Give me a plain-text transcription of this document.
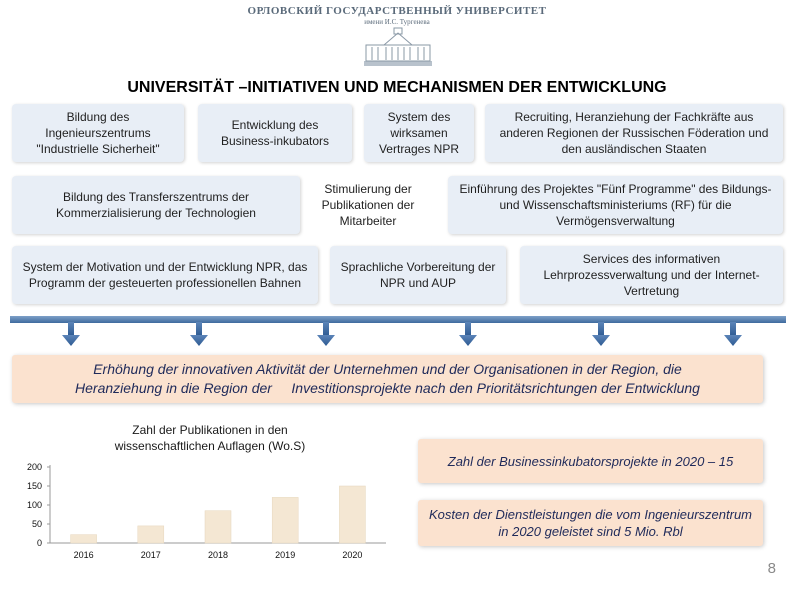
ОРЛОВСКИЙ ГОСУДАРСТВЕННЫЙ УНИВЕРСИТЕТ
имени И.С. Тургенева
UNIVERSITÄT –INITIATIVEN UND MECHANISMEN DER ENTWICKLUNG
Bildung des Ingenieurszentrums "Industrielle Sicherheit"
Entwicklung des Business-inkubators
System des wirksamen Vertrages NPR
Recruiting, Heranziehung der Fachkräfte aus anderen Regionen der Russischen Föderation und den ausländischen Staaten
Bildung des Transferszentrums der Kommerzialisierung der Technologien
Stimulierung der Publikationen der Mitarbeiter
Einführung des Projektes "Fünf Programme" des Bildungs- und Wissenschaftsministeriums (RF) für die Vermögensverwaltung
System der Motivation und der Entwicklung NPR, das Programm der gesteuerten professionellen Bahnen
Sprachliche Vorbereitung der NPR und AUP
Services des informativen Lehrprozessverwaltung und der Internet-Vertretung
Erhöhung der innovativen Aktivität der Unternehmen und der Organisationen in der Region, die
Heranziehung in die Region der     Investitionsprojekte nach den Prioritätsrichtungen der Entwicklung
Zahl der Publikationen in den wissenschaftlichen Auflagen (Wo.S)
0
50
100
150
200
2016	2017	2018	2019	2020
Zahl der Businessinkubatorsprojekte in 2020 – 15
Kosten der Dienstleistungen die vom Ingenieurszentrum in 2020 geleistet sind 5 Mio. Rbl
8
